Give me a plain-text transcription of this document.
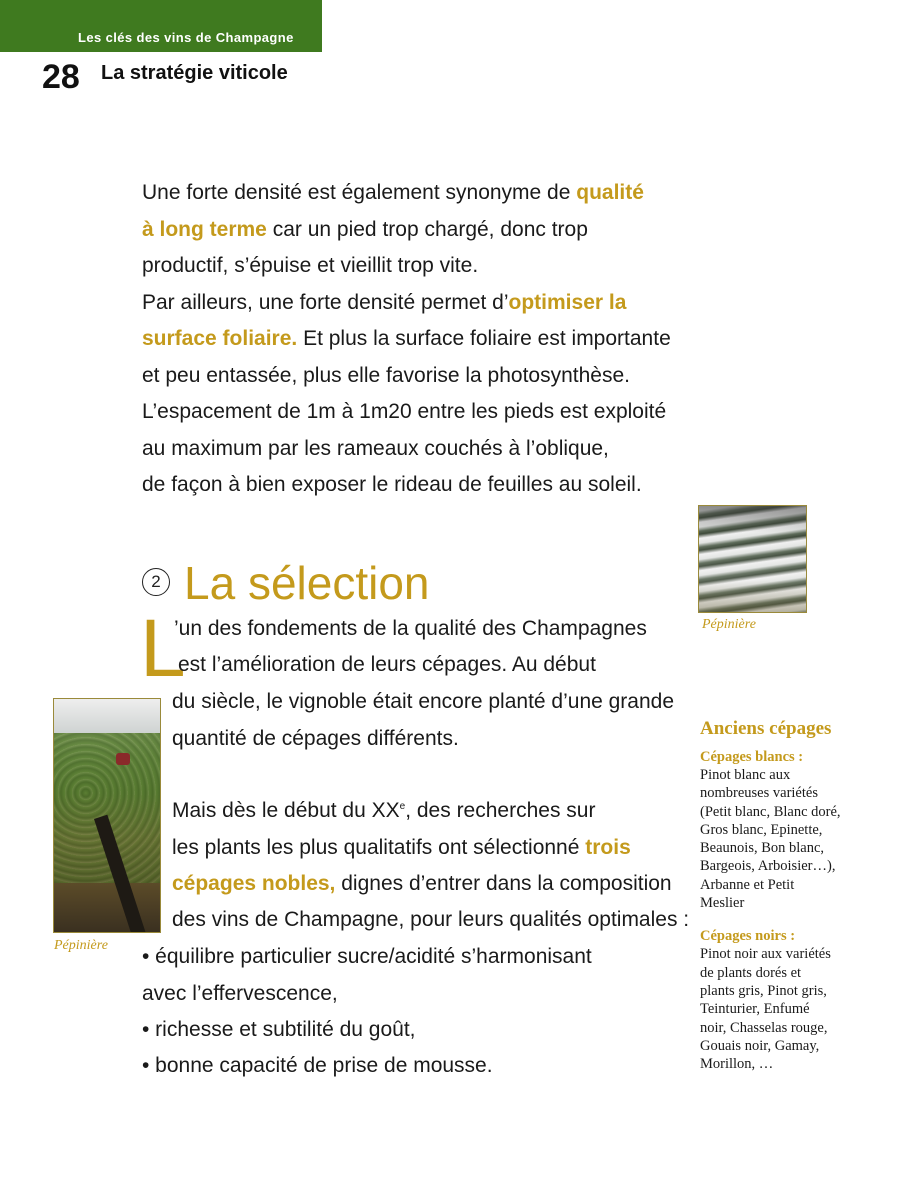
Les clés des vins de Champagne
28 La stratégie viticole
Une forte densité est également synonyme de qualité
à long terme car un pied trop chargé, donc trop
productif, s’épuise et vieillit trop vite.
Par ailleurs, une forte densité permet d’optimiser la
surface foliaire. Et plus la surface foliaire est importante
et peu entassée, plus elle favorise la photosynthèse.
L’espacement de 1m à 1m20 entre les pieds est exploité
au maximum par les rameaux couchés à l’oblique,
de façon à bien exposer le rideau de feuilles au soleil.
2 La sélection
L
’un des fondements de la qualité des Champagnes
est l’amélioration de leurs cépages. Au début
du siècle, le vignoble était encore planté d’une grande
quantité de cépages différents.
Mais dès le début du XXe, des recherches sur
les plants les plus qualitatifs ont sélectionné trois
cépages nobles, dignes d’entrer dans la composition
des vins de Champagne, pour leurs qualités optimales :
• équilibre particulier sucre/acidité s’harmonisant
avec l’effervescence,
• richesse et subtilité du goût,
• bonne capacité de prise de mousse.
Pépinière
Pépinière
Anciens cépages
Cépages blancs :
Pinot blanc aux
nombreuses variétés
(Petit blanc, Blanc doré,
Gros blanc, Epinette,
Beaunois, Bon blanc,
Bargeois, Arboisier…),
Arbanne et Petit
Meslier
Cépages noirs :
Pinot noir aux variétés
de plants dorés et
plants gris, Pinot gris,
Teinturier, Enfumé
noir, Chasselas rouge,
Gouais noir, Gamay,
Morillon, …
